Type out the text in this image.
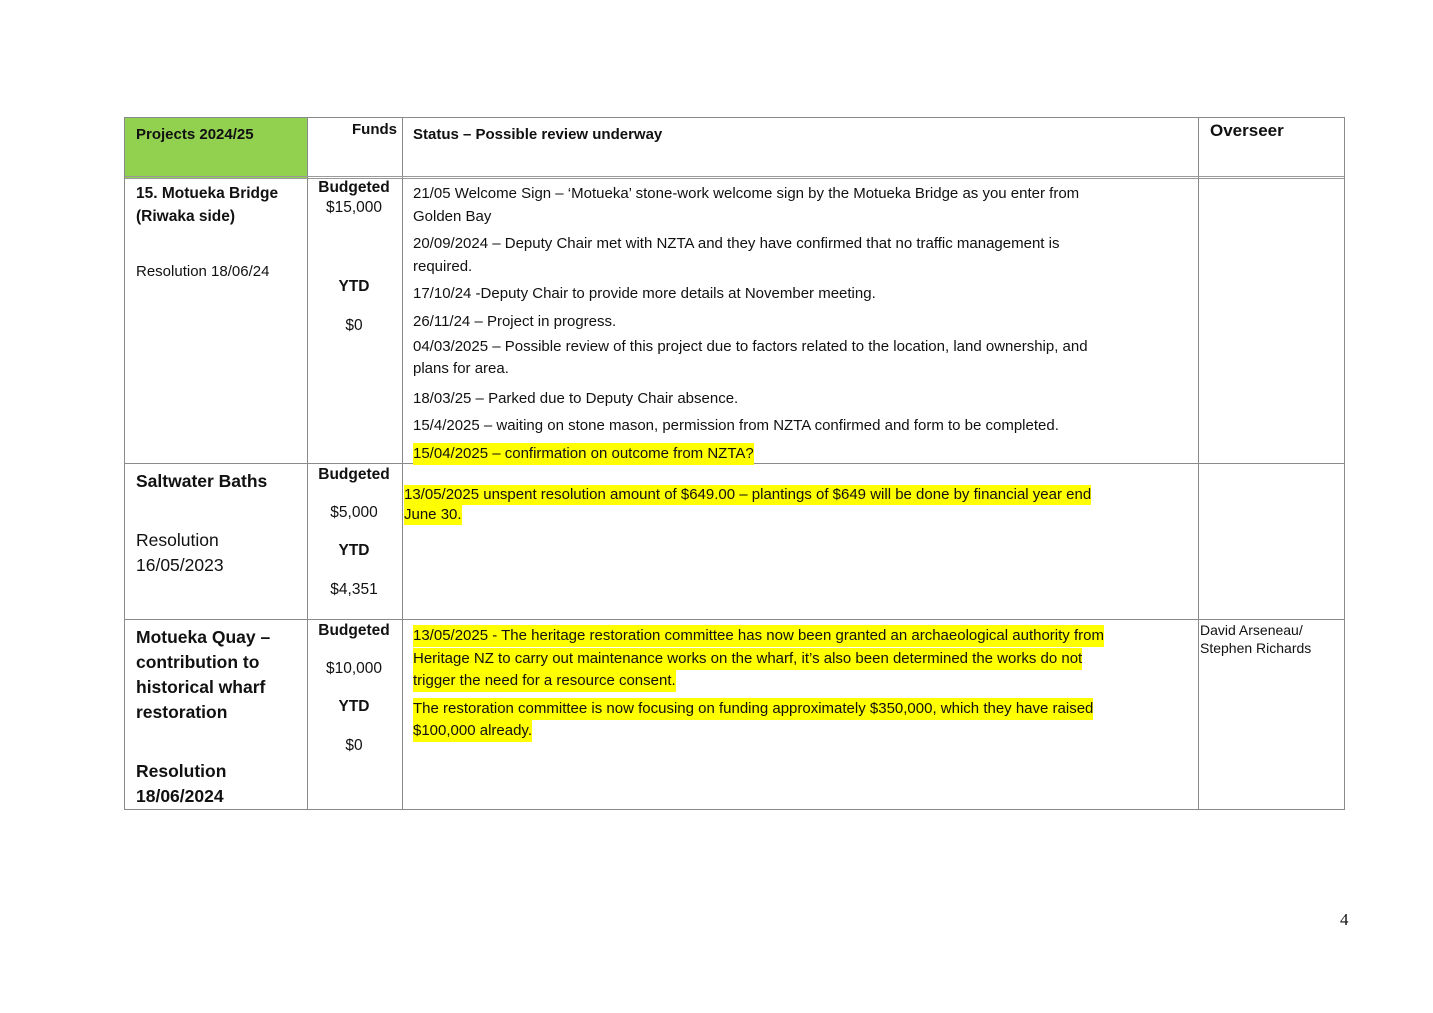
Projects 2024/25	Funds Status – Possible review underway	Overseer
15. Motueka Bridge
(Riwaka side)
Resolution 18/06/24
Budgeted
$15,000
YTD
$0
21/05 Welcome Sign – ‘Motueka’ stone-work welcome sign by the Motueka Bridge as you enter from
Golden Bay
20/09/2024 – Deputy Chair met with NZTA and they have confirmed that no traffic management is
required.
17/10/24 -Deputy Chair to provide more details at November meeting.
26/11/24 – Project in progress.
04/03/2025 – Possible review of this project due to factors related to the location, land ownership, and
plans for area.
18/03/25 – Parked due to Deputy Chair absence.
15/4/2025 – waiting on stone mason, permission from NZTA confirmed and form to be completed.
15/04/2025 – confirmation on outcome from NZTA?
Saltwater Baths
Resolution
16/05/2023
Budgeted
$5,000
YTD
$4,351
13/05/2025 unspent resolution amount of $649.00 – plantings of $649 will be done by financial year end
June 30.
Motueka Quay –
contribution to
historical wharf
restoration
Resolution
18/06/2024
Budgeted
$10,000
YTD
$0
13/05/2025 - The heritage restoration committee has now been granted an archaeological authority from
Heritage NZ to carry out maintenance works on the wharf, it’s also been determined the works do not
trigger the need for a resource consent.
The restoration committee is now focusing on funding approximately $350,000, which they have raised
$100,000 already.
David Arseneau/
Stephen Richards
4
